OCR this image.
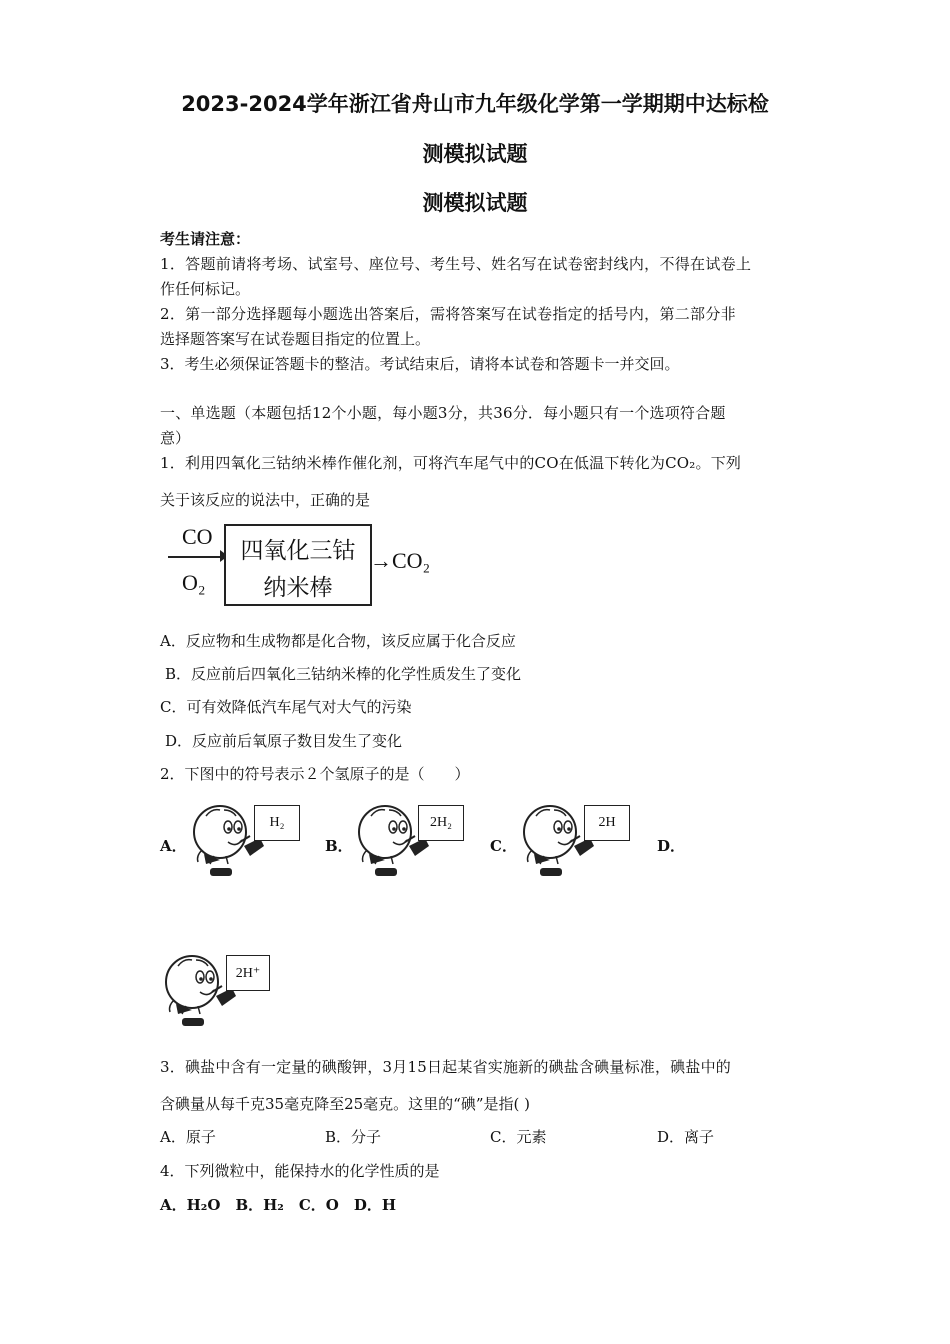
2023-2024学年浙江省舟山市九年级化学第一学期期中达标检
测模拟试题
测模拟试题
考生请注意：
1．答题前请将考场、试室号、座位号、考生号、姓名写在试卷密封线内，不得在试卷上
作任何标记。
2．第一部分选择题每小题选出答案后，需将答案写在试卷指定的括号内，第二部分非
选择题答案写在试卷题目指定的位置上。
3．考生必须保证答题卡的整洁。考试结束后，请将本试卷和答题卡一并交回。
一、单选题（本题包括12个小题，每小题3分，共36分．每小题只有一个选项符合题
意）
1．利用四氧化三钴纳米棒作催化剂，可将汽车尾气中的CO在低温下转化为CO₂。下列
关于该反应的说法中，正确的是
CO
O₂
四氧化三钴
纳米棒
→CO₂
A．反应物和生成物都是化合物，该反应属于化合反应
B．反应前后四氧化三钴纳米棒的化学性质发生了变化
C．可有效降低汽车尾气对大气的污染
D．反应前后氧原子数目发生了变化
2．下图中的符号表示２个氢原子的是（　　）
A．
H₂
B．
2H₂
C．
2H
D．
2H⁺
3．碘盐中含有一定量的碘酸钾，3月15日起某省实施新的碘盐含碘量标准，碘盐中的
含碘量从每千克35毫克降至25毫克。这里的“碘”是指( )
A．原子	B．分子	C．元素	D．离子
4．下列微粒中，能保持水的化学性质的是
A．H₂O　B．H₂　C．O　D．H
